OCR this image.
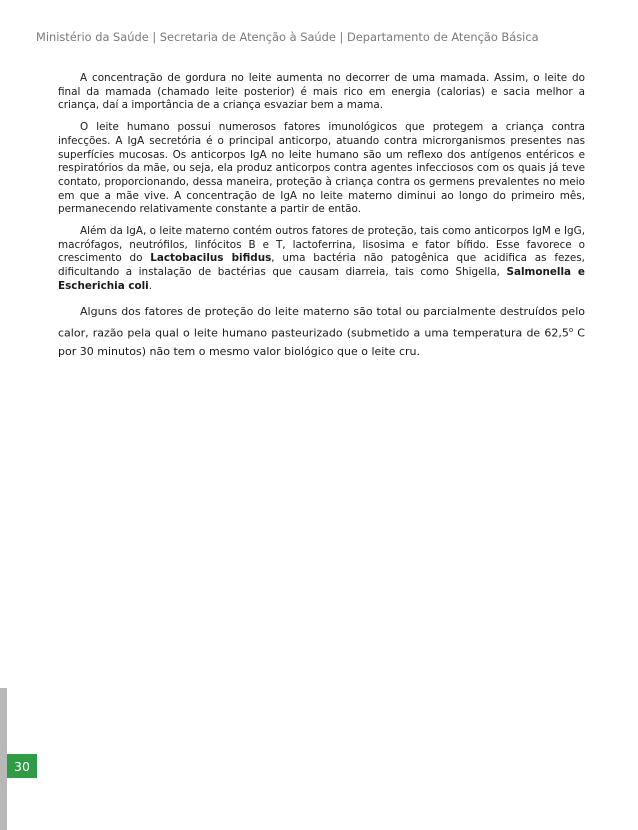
Ministério da Saúde | Secretaria de Atenção à Saúde | Departamento de Atenção Básica

A concentração de gordura no leite aumenta no decorrer de uma mamada. Assim, o leite do final da mamada (chamado leite posterior) é mais rico em energia (calorias) e sacia melhor a criança, daí a importância de a criança esvaziar bem a mama.

O leite humano possui numerosos fatores imunológicos que protegem a criança contra infecções. A IgA secretória é o principal anticorpo, atuando contra microrganismos presentes nas superfícies mucosas. Os anticorpos IgA no leite humano são um reflexo dos antígenos entéricos e respiratórios da mãe, ou seja, ela produz anticorpos contra agentes infecciosos com os quais já teve contato, proporcionando, dessa maneira, proteção à criança contra os germens prevalentes no meio em que a mãe vive. A concentração de IgA no leite materno diminui ao longo do primeiro mês, permanecendo relativamente constante a partir de então.

Além da IgA, o leite materno contém outros fatores de proteção, tais como anticorpos IgM e IgG, macrófagos, neutrófilos, linfócitos B e T, lactoferrina, lisosima e fator bífido. Esse favorece o crescimento do Lactobacilus bifidus, uma bactéria não patogênica que acidifica as fezes, dificultando a instalação de bactérias que causam diarreia, tais como Shigella, Salmonella e Escherichia coli.

Alguns dos fatores de proteção do leite materno são total ou parcialmente destruídos pelo calor, razão pela qual o leite humano pasteurizado (submetido a uma temperatura de 62,5$^o$ C por 30 minutos) não tem o mesmo valor biológico que o leite cru.

30
